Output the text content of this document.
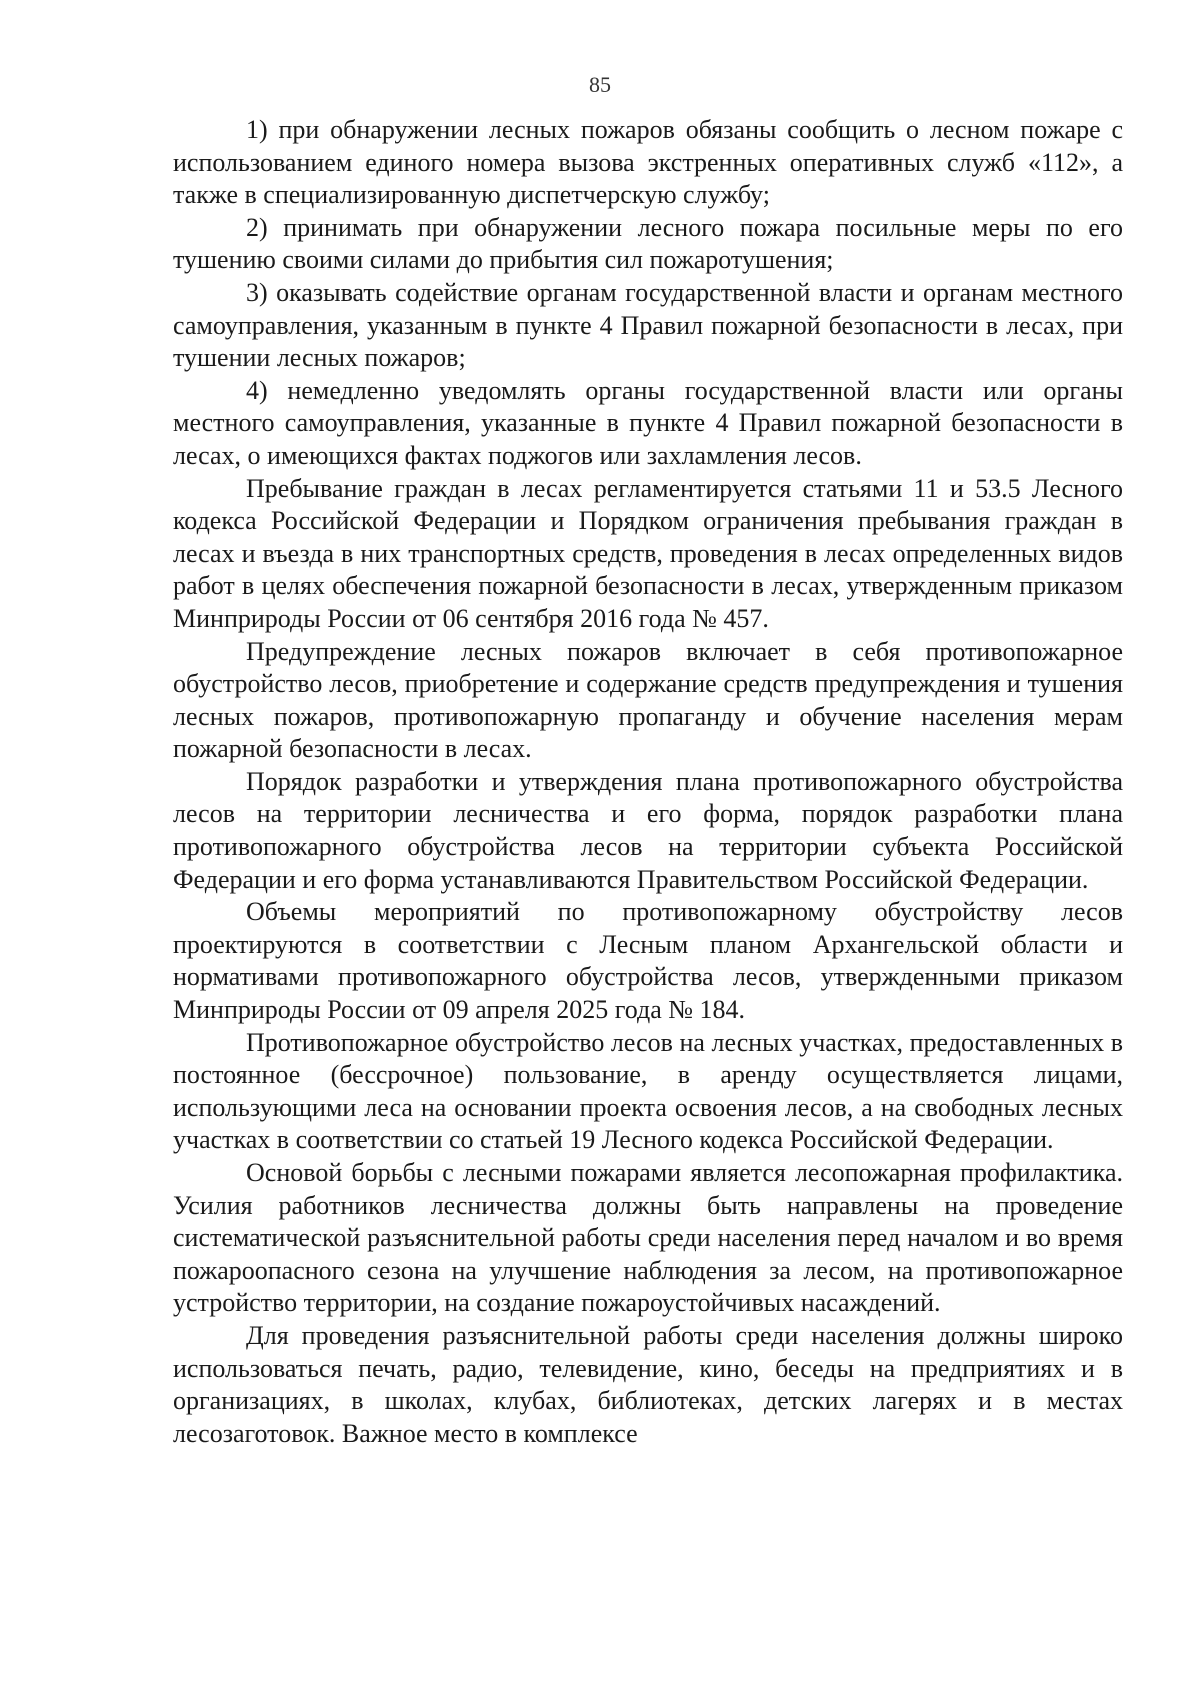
85

1) при обнаружении лесных пожаров обязаны сообщить о лесном пожаре с использованием единого номера вызова экстренных оперативных служб «112», а также в специализированную диспетчерскую службу;

2) принимать при обнаружении лесного пожара посильные меры по его тушению своими силами до прибытия сил пожаротушения;

3) оказывать содействие органам государственной власти и органам местного самоуправления, указанным в пункте 4 Правил пожарной безопасности в лесах, при тушении лесных пожаров;

4) немедленно уведомлять органы государственной власти или органы местного самоуправления, указанные в пункте 4 Правил пожарной безопасности в лесах, о имеющихся фактах поджогов или захламления лесов.

Пребывание граждан в лесах регламентируется статьями 11 и 53.5 Лесного кодекса Российской Федерации и Порядком ограничения пребывания граждан в лесах и въезда в них транспортных средств, проведения в лесах определенных видов работ в целях обеспечения пожарной безопасности в лесах, утвержденным приказом Минприроды России от 06 сентября 2016 года № 457.

Предупреждение лесных пожаров включает в себя противопожарное обустройство лесов, приобретение и содержание средств предупреждения и тушения лесных пожаров, противопожарную пропаганду и обучение населения мерам пожарной безопасности в лесах.

Порядок разработки и утверждения плана противопожарного обустройства лесов на территории лесничества и его форма, порядок разработки плана противопожарного обустройства лесов на территории субъекта Российской Федерации и его форма устанавливаются Правительством Российской Федерации.

Объемы мероприятий по противопожарному обустройству лесов проектируются в соответствии с Лесным планом Архангельской области и нормативами противопожарного обустройства лесов, утвержденными приказом Минприроды России от 09 апреля 2025 года № 184.

Противопожарное обустройство лесов на лесных участках, предоставленных в постоянное (бессрочное) пользование, в аренду осуществляется лицами, использующими леса на основании проекта освоения лесов, а на свободных лесных участках в соответствии со статьей 19 Лесного кодекса Российской Федерации.

Основой борьбы с лесными пожарами является лесопожарная профилактика. Усилия работников лесничества должны быть направлены на проведение систематической разъяснительной работы среди населения перед началом и во время пожароопасного сезона на улучшение наблюдения за лесом, на противопожарное устройство территории, на создание пожароустойчивых насаждений.

Для проведения разъяснительной работы среди населения должны широко использоваться печать, радио, телевидение, кино, беседы на предприятиях и в организациях, в школах, клубах, библиотеках, детских лагерях и в местах лесозаготовок. Важное место в комплексе
